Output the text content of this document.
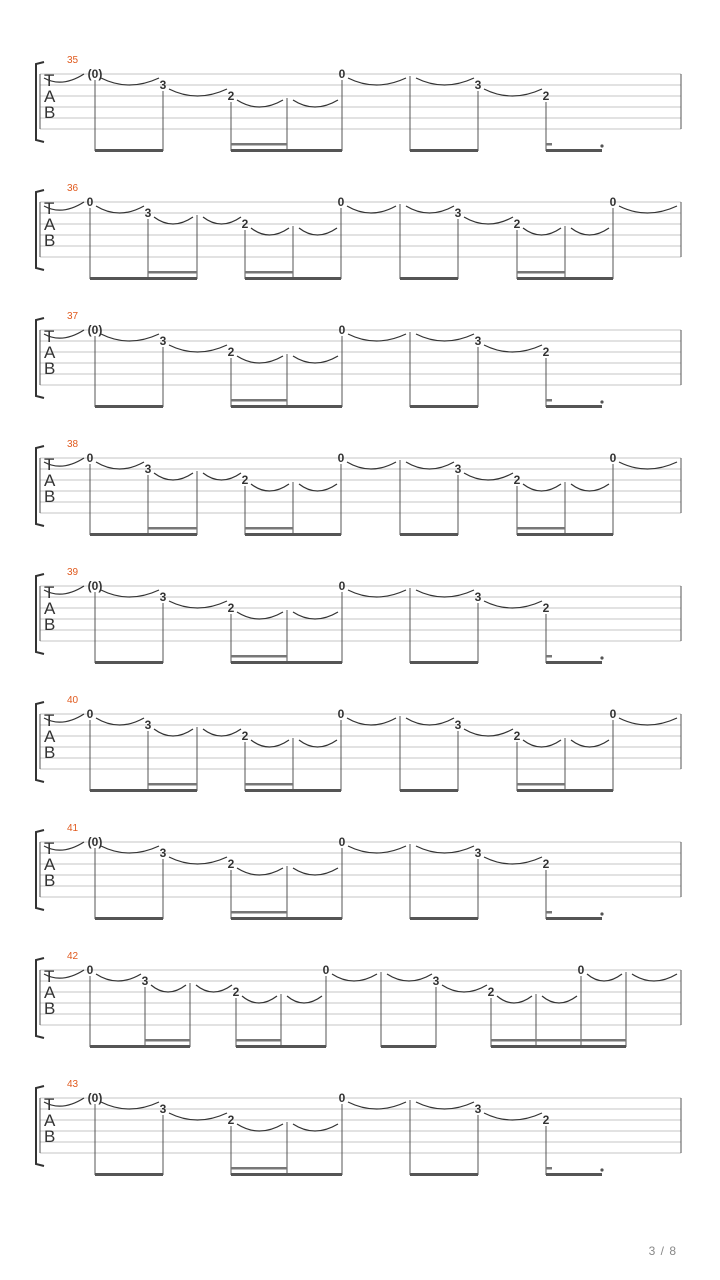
35
T
A
B
(0)
3
2
0
3
2
36
T
A
B
0
3
2
0
3
2
0
37
T
A
B
(0)
3
2
0
3
2
38
T
A
B
0
3
2
0
3
2
0
39
T
A
B
(0)
3
2
0
3
2
40
T
A
B
0
3
2
0
3
2
0
41
T
A
B
(0)
3
2
0
3
2
42
T
A
B
0
3
2
0
3
2
0
43
T
A
B
(0)
3
2
0
3
2
3 / 8
